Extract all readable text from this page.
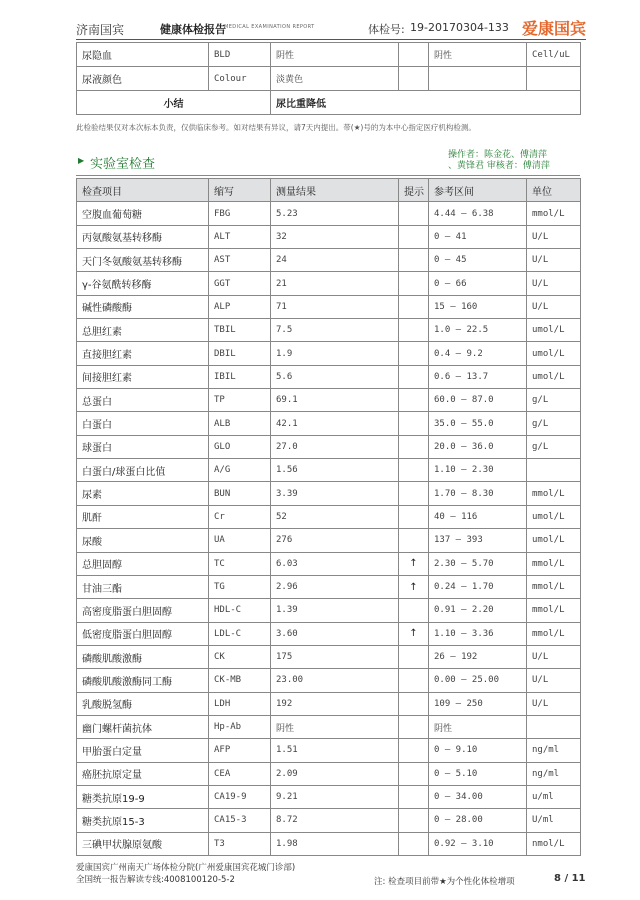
济南国宾	健康体检报告
MEDICAL EXAMINATION REPORT	体检号: 19-20170304-133 爱康国宾
尿隐血	BLD	阴性		阴性	Cell/uL
尿液颜色	Colour	淡黄色			
小结		尿比重降低			
此检验结果仅对本次标本负责，仅供临床参考。如对结果有异议，请7天内提出。带(★)号的为本中心指定医疗机构检测。
▶ 实验室检查
操作者：陈金花、傅清萍
、黄锋君 审核者：傅清萍
检查项目	缩写	测量结果	提示	参考区间	单位
空腹血葡萄糖	FBG	5.23		4.44 — 6.38	mmol/L
丙氨酸氨基转移酶	ALT	32		0 — 41	U/L
天门冬氨酸氨基转移酶	AST	24		0 — 45	U/L
γ-谷氨酰转移酶	GGT	21		0 — 66	U/L
碱性磷酸酶	ALP	71		15 — 160	U/L
总胆红素	TBIL	7.5		1.0 — 22.5	umol/L
直接胆红素	DBIL	1.9		0.4 — 9.2	umol/L
间接胆红素	IBIL	5.6		0.6 — 13.7	umol/L
总蛋白	TP	69.1		60.0 — 87.0	g/L
白蛋白	ALB	42.1		35.0 — 55.0	g/L
球蛋白	GLO	27.0		20.0 — 36.0	g/L
白蛋白/球蛋白比值	A/G	1.56		1.10 — 2.30	
尿素	BUN	3.39		1.70 — 8.30	mmol/L
肌酐	Cr	52		40 — 116	umol/L
尿酸	UA	276		137 — 393	umol/L
总胆固醇	TC	6.03	↑	2.30 — 5.70	mmol/L
甘油三酯	TG	2.96	↑	0.24 — 1.70	mmol/L
高密度脂蛋白胆固醇	HDL-C	1.39		0.91 — 2.20	mmol/L
低密度脂蛋白胆固醇	LDL-C	3.60	↑	1.10 — 3.36	mmol/L
磷酸肌酸激酶	CK	175		26 — 192	U/L
磷酸肌酸激酶同工酶	CK-MB	23.00		0.00 — 25.00	U/L
乳酸脱氢酶	LDH	192		109 — 250	U/L
幽门螺杆菌抗体	Hp-Ab	阴性		阴性	
甲胎蛋白定量	AFP	1.51		0 — 9.10	ng/ml
癌胚抗原定量	CEA	2.09		0 — 5.10	ng/ml
糖类抗原19-9	CA19-9	9.21		0 — 34.00	u/ml
糖类抗原15-3	CA15-3	8.72		0 — 28.00	U/ml
三碘甲状腺原氨酸	T3	1.98		0.92 — 3.10	nmol/L
爱康国宾广州南天广场体检分院(广州爱康国宾花城门诊部)
全国统一报告解读专线:4008100120-5-2	注: 检查项目前带★为个性化体检增项	8 / 11
